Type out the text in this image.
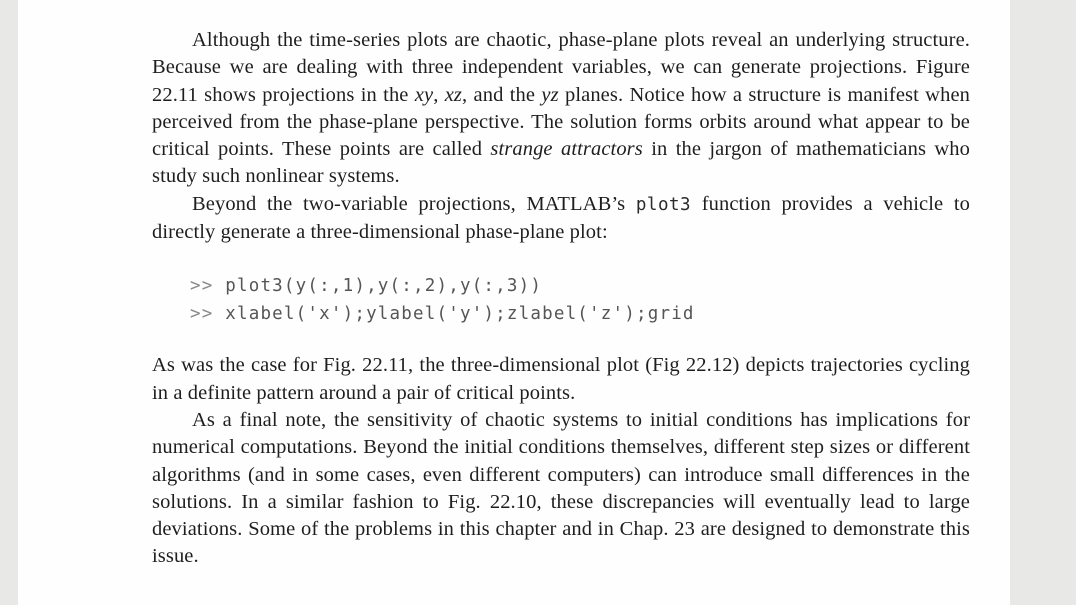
Although the time-series plots are chaotic, phase-plane plots reveal an underlying structure. Because we are dealing with three independent variables, we can generate projections. Figure 22.11 shows projections in the xy, xz, and the yz planes. Notice how a structure is manifest when perceived from the phase-plane perspective. The solution forms orbits around what appear to be critical points. These points are called strange attractors in the jargon of mathematicians who study such nonlinear systems.

Beyond the two-variable projections, MATLAB’s plot3 function provides a vehicle to directly generate a three-dimensional phase-plane plot:

>> plot3(y(:,1),y(:,2),y(:,3))
>> xlabel('x');ylabel('y');zlabel('z');grid

As was the case for Fig. 22.11, the three-dimensional plot (Fig 22.12) depicts trajectories cycling in a definite pattern around a pair of critical points.

As a final note, the sensitivity of chaotic systems to initial conditions has implications for numerical computations. Beyond the initial conditions themselves, different step sizes or different algorithms (and in some cases, even different computers) can introduce small differences in the solutions. In a similar fashion to Fig. 22.10, these discrepancies will eventually lead to large deviations. Some of the problems in this chapter and in Chap. 23 are designed to demonstrate this issue.
